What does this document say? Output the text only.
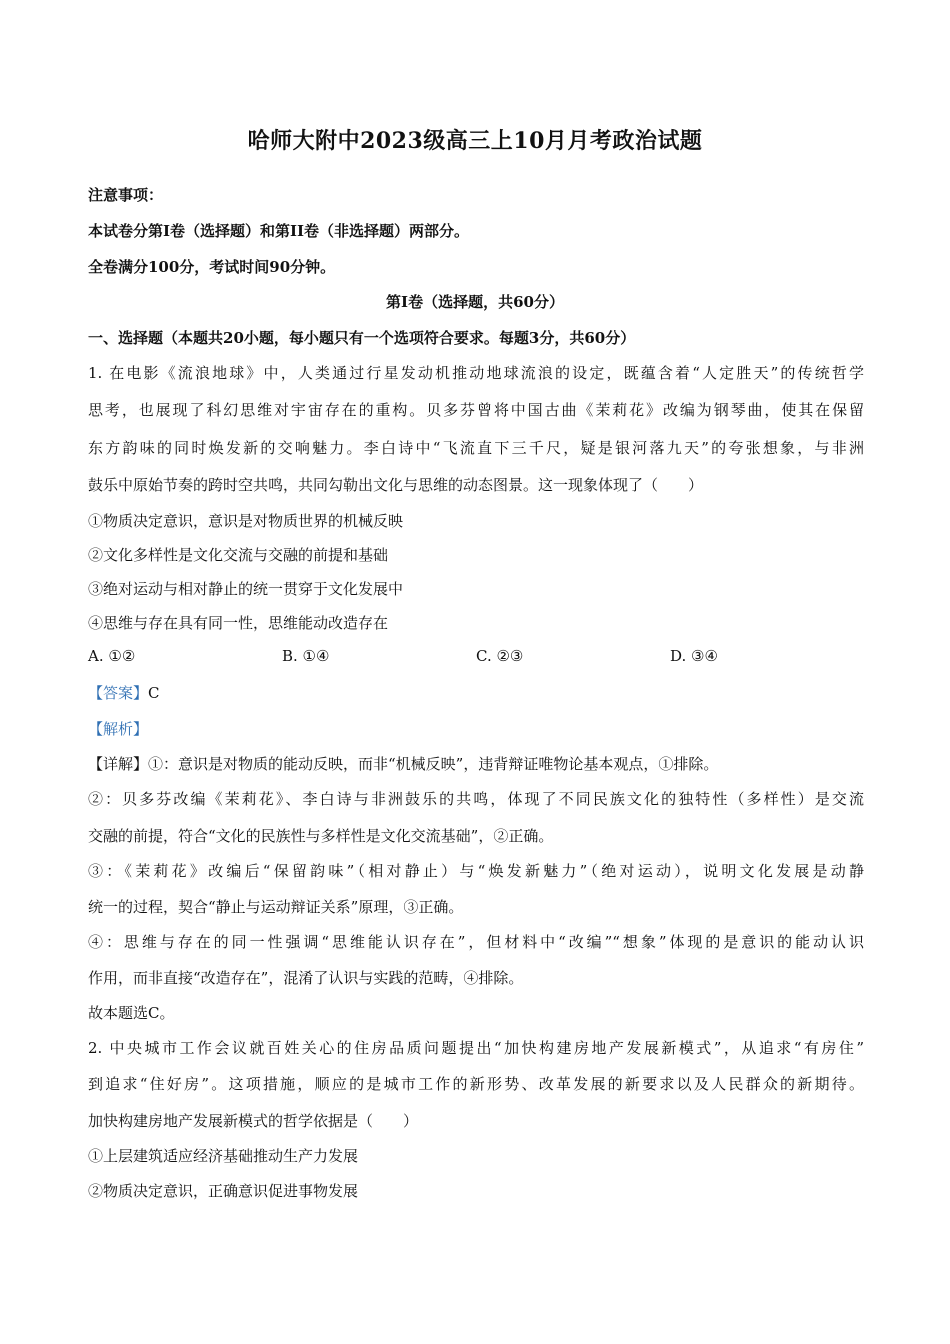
哈师大附中2023级高三上10月月考政治试题
注意事项：
本试卷分第Ⅰ卷（选择题）和第II卷（非选择题）两部分。
全卷满分100分，考试时间90分钟。
第Ⅰ卷（选择题，共60分）
一、选择题（本题共20小题，每小题只有一个选项符合要求。每题3分，共60分）
1. 在电影《流浪地球》中，人类通过行星发动机推动地球流浪的设定，既蕴含着“人定胜天”的传统哲学
思考，也展现了科幻思维对宇宙存在的重构。贝多芬曾将中国古曲《茉莉花》改编为钢琴曲，使其在保留
东方韵味的同时焕发新的交响魅力。李白诗中“飞流直下三千尺，疑是银河落九天”的夸张想象，与非洲
鼓乐中原始节奏的跨时空共鸣，共同勾勒出文化与思维的动态图景。这一现象体现了（　　）
①物质决定意识，意识是对物质世界的机械反映
②文化多样性是文化交流与交融的前提和基础
③绝对运动与相对静止的统一贯穿于文化发展中
④思维与存在具有同一性，思维能动改造存在
A. ①②	B. ①④	C. ②③	D. ③④
【答案】C
【解析】
【详解】①：意识是对物质的能动反映，而非“机械反映”，违背辩证唯物论基本观点，①排除。
②：贝多芬改编《茉莉花》、李白诗与非洲鼓乐的共鸣，体现了不同民族文化的独特性（多样性）是交流
交融的前提，符合“文化的民族性与多样性是文化交流基础”，②正确。
③：《茉莉花》改编后“保留韵味”（相对静止）与“焕发新魅力”（绝对运动），说明文化发展是动静
统一的过程，契合“静止与运动辩证关系”原理，③正确。
④：思维与存在的同一性强调“思维能认识存在”，但材料中“改编”“想象”体现的是意识的能动认识
作用，而非直接“改造存在”，混淆了认识与实践的范畴，④排除。
故本题选C。
2. 中央城市工作会议就百姓关心的住房品质问题提出“加快构建房地产发展新模式”，从追求“有房住”
到追求“住好房”。这项措施，顺应的是城市工作的新形势、改革发展的新要求以及人民群众的新期待。
加快构建房地产发展新模式的哲学依据是（　　）
①上层建筑适应经济基础推动生产力发展
②物质决定意识，正确意识促进事物发展
